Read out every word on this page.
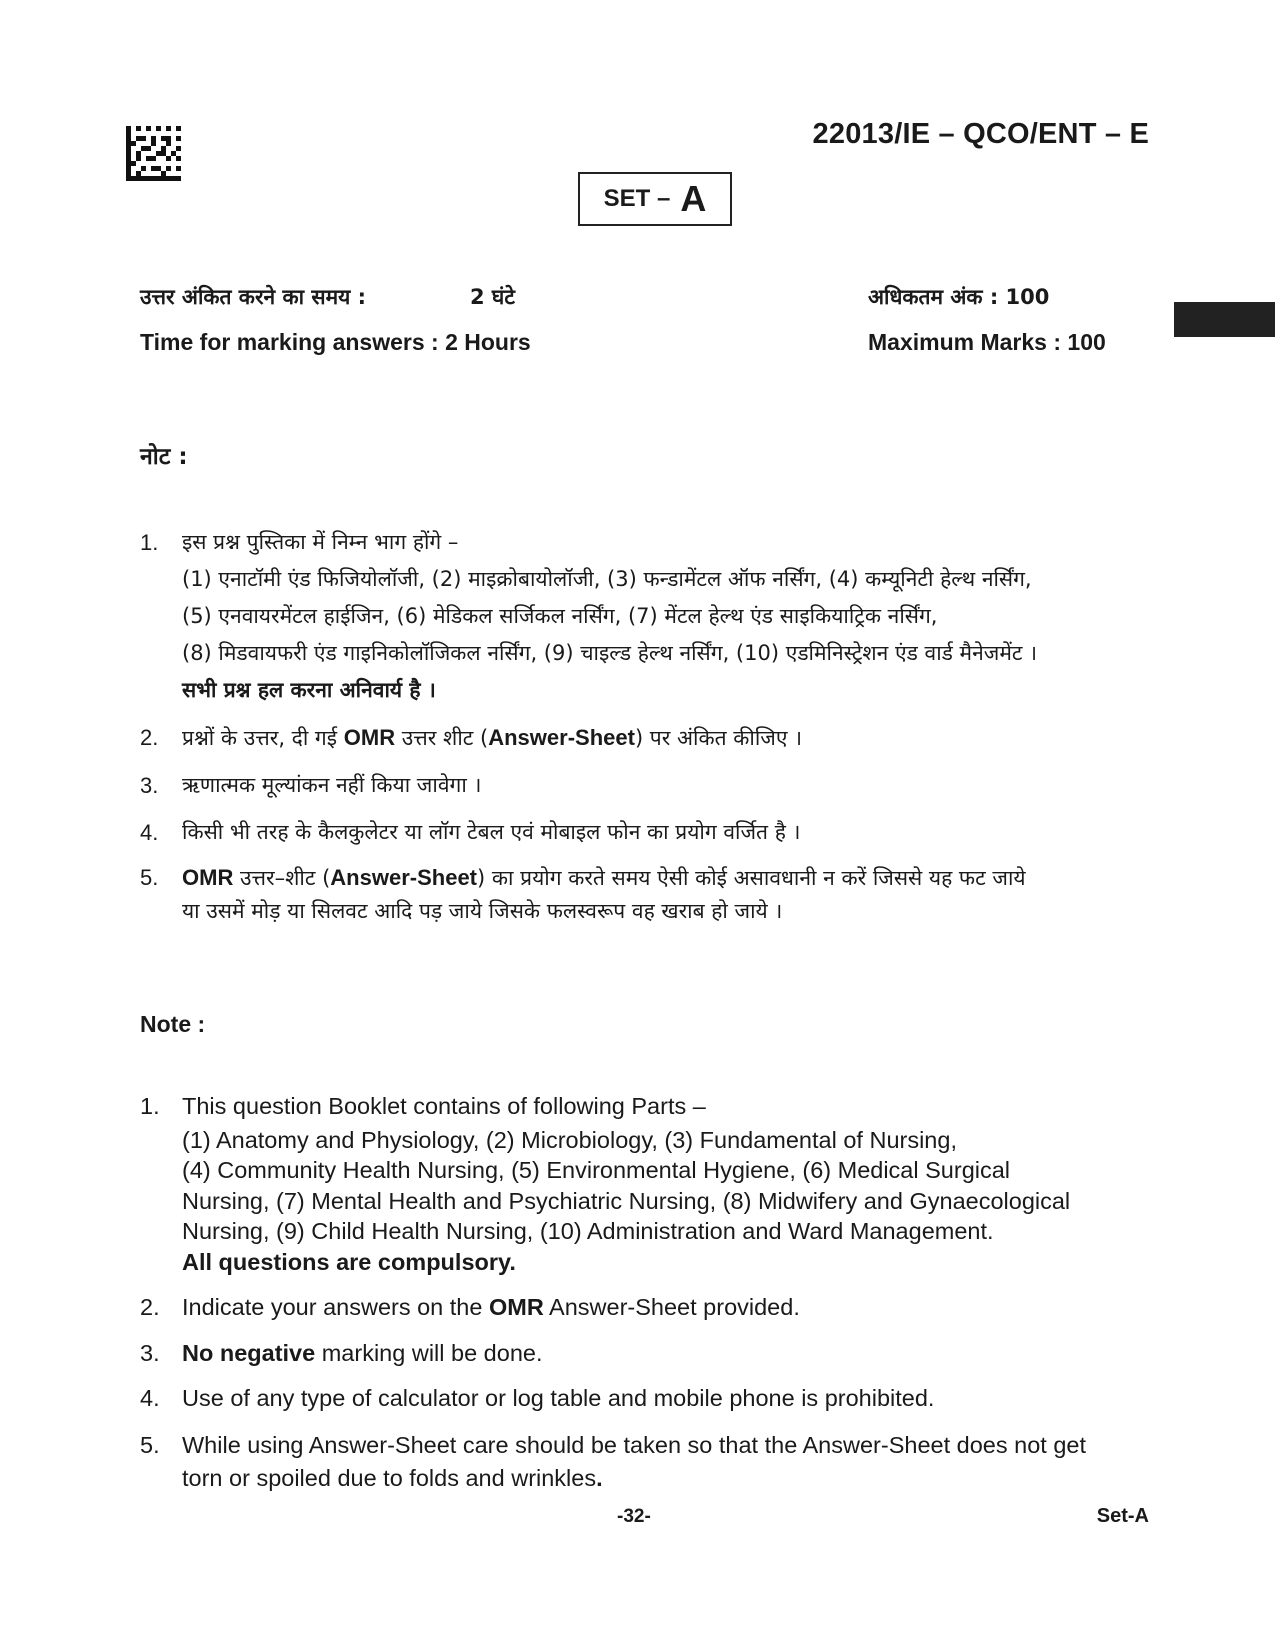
22013/IE – QCO/ENT – E
SET – A
उत्तर अंकित करने का समय :	2 घंटे	अधिकतम अंक : 100
Time for marking answers : 2 Hours	Maximum Marks : 100
नोट :
1. इस प्रश्न पुस्तिका में निम्न भाग होंगे –
(1) एनाटॉमी एंड फिजियोलॉजी, (2) माइक्रोबायोलॉजी, (3) फन्डामेंटल ऑफ नर्सिंग, (4) कम्यूनिटी हेल्थ नर्सिंग,
(5) एनवायरमेंटल हाईजिन, (6) मेडिकल सर्जिकल नर्सिंग, (7) मेंटल हेल्थ एंड साइकियाट्रिक नर्सिंग,
(8) मिडवायफरी एंड गाइनिकोलॉजिकल नर्सिंग, (9) चाइल्ड हेल्थ नर्सिंग, (10) एडमिनिस्ट्रेशन एंड वार्ड मैनेजमेंट ।
सभी प्रश्न हल करना अनिवार्य है ।
2. प्रश्नों के उत्तर, दी गई OMR उत्तर शीट (Answer-Sheet) पर अंकित कीजिए ।
3. ऋणात्मक मूल्यांकन नहीं किया जावेगा ।
4. किसी भी तरह के कैलकुलेटर या लॉग टेबल एवं मोबाइल फोन का प्रयोग वर्जित है ।
5. OMR उत्तर–शीट (Answer-Sheet) का प्रयोग करते समय ऐसी कोई असावधानी न करें जिससे यह फट जाये
या उसमें मोड़ या सिलवट आदि पड़ जाये जिसके फलस्वरूप वह खराब हो जाये ।
Note :
1. This question Booklet contains of following Parts –
(1) Anatomy and Physiology, (2) Microbiology, (3) Fundamental of Nursing,
(4) Community Health Nursing, (5) Environmental Hygiene, (6) Medical Surgical
Nursing, (7) Mental Health and Psychiatric Nursing, (8) Midwifery and Gynaecological
Nursing, (9) Child Health Nursing, (10) Administration and Ward Management.
All questions are compulsory.
2. Indicate your answers on the OMR Answer-Sheet provided.
3. No negative marking will be done.
4. Use of any type of calculator or log table and mobile phone is prohibited.
5. While using Answer-Sheet care should be taken so that the Answer-Sheet does not get
torn or spoiled due to folds and wrinkles.
-32-	Set-A
